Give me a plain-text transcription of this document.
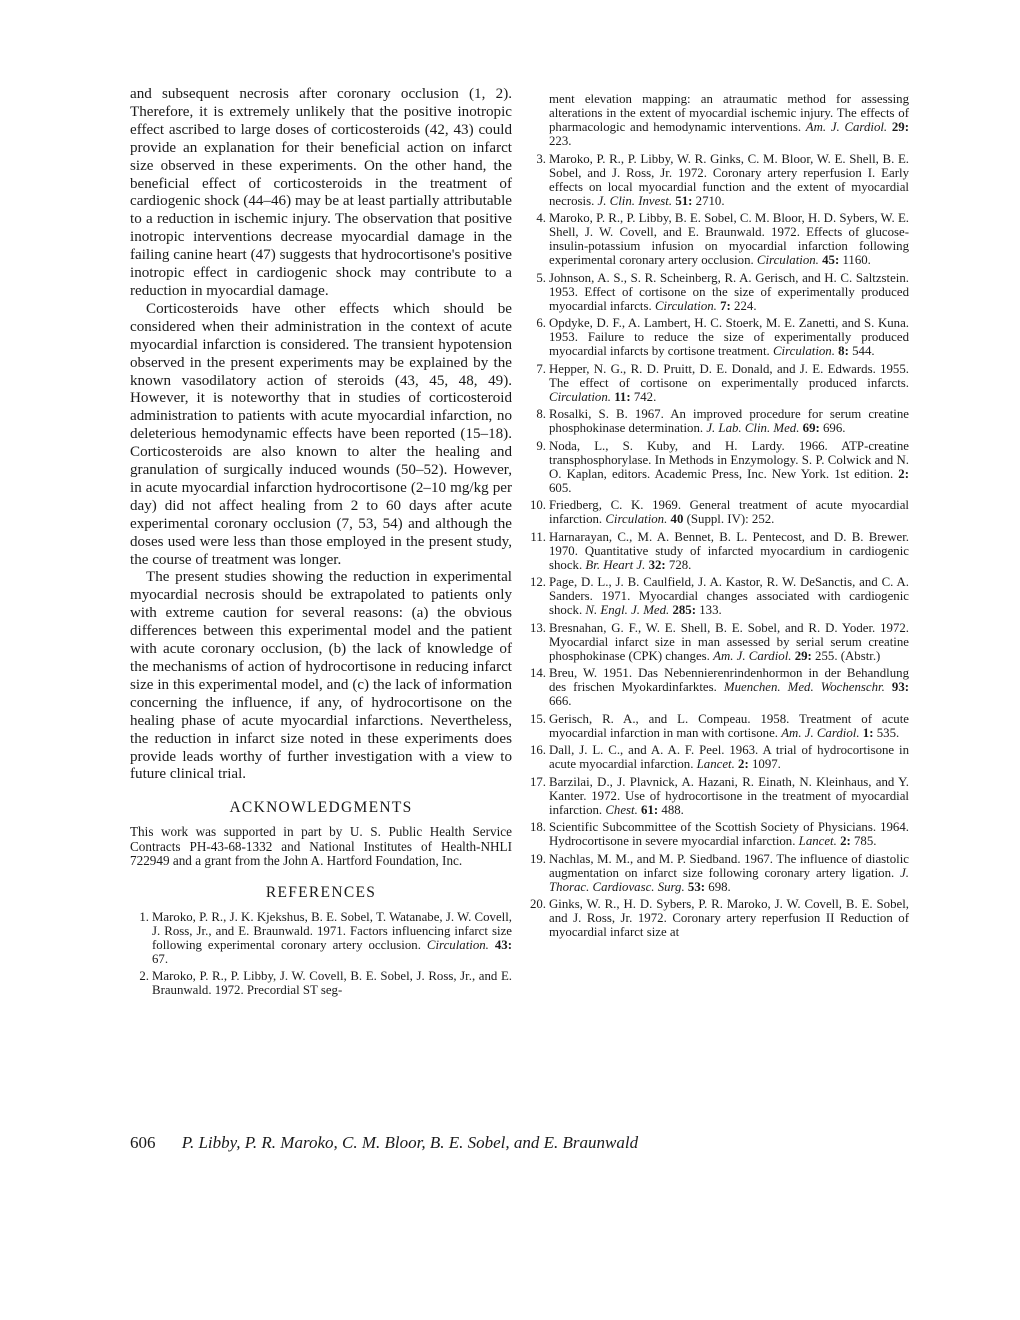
and subsequent necrosis after coronary occlusion (1, 2). Therefore, it is extremely unlikely that the positive inotropic effect ascribed to large doses of corticosteroids (42, 43) could provide an explanation for their beneficial action on infarct size observed in these experiments. On the other hand, the beneficial effect of corticosteroids in the treatment of cardiogenic shock (44–46) may be at least partially attributable to a reduction in ischemic injury. The observation that positive inotropic interventions decrease myocardial damage in the failing canine heart (47) suggests that hydrocortisone's positive inotropic effect in cardiogenic shock may contribute to a reduction in myocardial damage.

Corticosteroids have other effects which should be considered when their administration in the context of acute myocardial infarction is considered. The transient hypotension observed in the present experiments may be explained by the known vasodilatory action of steroids (43, 45, 48, 49). However, it is noteworthy that in studies of corticosteroid administration to patients with acute myocardial infarction, no deleterious hemodynamic effects have been reported (15–18). Corticosteroids are also known to alter the healing and granulation of surgically induced wounds (50–52). However, in acute myocardial infarction hydrocortisone (2–10 mg/kg per day) did not affect healing from 2 to 60 days after acute experimental coronary occlusion (7, 53, 54) and although the doses used were less than those employed in the present study, the course of treatment was longer.

The present studies showing the reduction in experimental myocardial necrosis should be extrapolated to patients only with extreme caution for several reasons: (a) the obvious differences between this experimental model and the patient with acute coronary occlusion, (b) the lack of knowledge of the mechanisms of action of hydrocortisone in reducing infarct size in this experimental model, and (c) the lack of information concerning the influence, if any, of hydrocortisone on the healing phase of acute myocardial infarctions. Nevertheless, the reduction in infarct size noted in these experiments does provide leads worthy of further investigation with a view to future clinical trial.

ACKNOWLEDGMENTS

This work was supported in part by U. S. Public Health Service Contracts PH-43-68-1332 and National Institutes of Health-NHLI 722949 and a grant from the John A. Hartford Foundation, Inc.

REFERENCES
1. Maroko, P. R., J. K. Kjekshus, B. E. Sobel, T. Watanabe, J. W. Covell, J. Ross, Jr., and E. Braunwald. 1971. Factors influencing infarct size following experimental coronary artery occlusion. Circulation. 43: 67.
2. Maroko, P. R., P. Libby, J. W. Covell, B. E. Sobel, J. Ross, Jr., and E. Braunwald. 1972. Precordial ST seg-
ment elevation mapping: an atraumatic method for assessing alterations in the extent of myocardial ischemic injury. The effects of pharmacologic and hemodynamic interventions. Am. J. Cardiol. 29: 223.
3. Maroko, P. R., P. Libby, W. R. Ginks, C. M. Bloor, W. E. Shell, B. E. Sobel, and J. Ross, Jr. 1972. Coronary artery reperfusion I. Early effects on local myocardial function and the extent of myocardial necrosis. J. Clin. Invest. 51: 2710.
4. Maroko, P. R., P. Libby, B. E. Sobel, C. M. Bloor, H. D. Sybers, W. E. Shell, J. W. Covell, and E. Braunwald. 1972. Effects of glucose-insulin-potassium infusion on myocardial infarction following experimental coronary artery occlusion. Circulation. 45: 1160.
5. Johnson, A. S., S. R. Scheinberg, R. A. Gerisch, and H. C. Saltzstein. 1953. Effect of cortisone on the size of experimentally produced myocardial infarcts. Circulation. 7: 224.
6. Opdyke, D. F., A. Lambert, H. C. Stoerk, M. E. Zanetti, and S. Kuna. 1953. Failure to reduce the size of experimentally produced myocardial infarcts by cortisone treatment. Circulation. 8: 544.
7. Hepper, N. G., R. D. Pruitt, D. E. Donald, and J. E. Edwards. 1955. The effect of cortisone on experimentally produced infarcts. Circulation. 11: 742.
8. Rosalki, S. B. 1967. An improved procedure for serum creatine phosphokinase determination. J. Lab. Clin. Med. 69: 696.
9. Noda, L., S. Kuby, and H. Lardy. 1966. ATP-creatine transphosphorylase. In Methods in Enzymology. S. P. Colwick and N. O. Kaplan, editors. Academic Press, Inc. New York. 1st edition. 2: 605.
10. Friedberg, C. K. 1969. General treatment of acute myocardial infarction. Circulation. 40 (Suppl. IV): 252.
11. Harnarayan, C., M. A. Bennet, B. L. Pentecost, and D. B. Brewer. 1970. Quantitative study of infarcted myocardium in cardiogenic shock. Br. Heart J. 32: 728.
12. Page, D. L., J. B. Caulfield, J. A. Kastor, R. W. DeSanctis, and C. A. Sanders. 1971. Myocardial changes associated with cardiogenic shock. N. Engl. J. Med. 285: 133.
13. Bresnahan, G. F., W. E. Shell, B. E. Sobel, and R. D. Yoder. 1972. Myocardial infarct size in man assessed by serial serum creatine phosphokinase (CPK) changes. Am. J. Cardiol. 29: 255. (Abstr.)
14. Breu, W. 1951. Das Nebennierenrindenhormon in der Behandlung des frischen Myokardinfarktes. Muenchen. Med. Wochenschr. 93: 666.
15. Gerisch, R. A., and L. Compeau. 1958. Treatment of acute myocardial infarction in man with cortisone. Am. J. Cardiol. 1: 535.
16. Dall, J. L. C., and A. A. F. Peel. 1963. A trial of hydrocortisone in acute myocardial infarction. Lancet. 2: 1097.
17. Barzilai, D., J. Plavnick, A. Hazani, R. Einath, N. Kleinhaus, and Y. Kanter. 1972. Use of hydrocortisone in the treatment of myocardial infarction. Chest. 61: 488.
18. Scientific Subcommittee of the Scottish Society of Physicians. 1964. Hydrocortisone in severe myocardial infarction. Lancet. 2: 785.
19. Nachlas, M. M., and M. P. Siedband. 1967. The influence of diastolic augmentation on infarct size following coronary artery ligation. J. Thorac. Cardiovasc. Surg. 53: 698.
20. Ginks, W. R., H. D. Sybers, P. R. Maroko, J. W. Covell, B. E. Sobel, and J. Ross, Jr. 1972. Coronary artery reperfusion II Reduction of myocardial infarct size at
606 P. Libby, P. R. Maroko, C. M. Bloor, B. E. Sobel, and E. Braunwald
